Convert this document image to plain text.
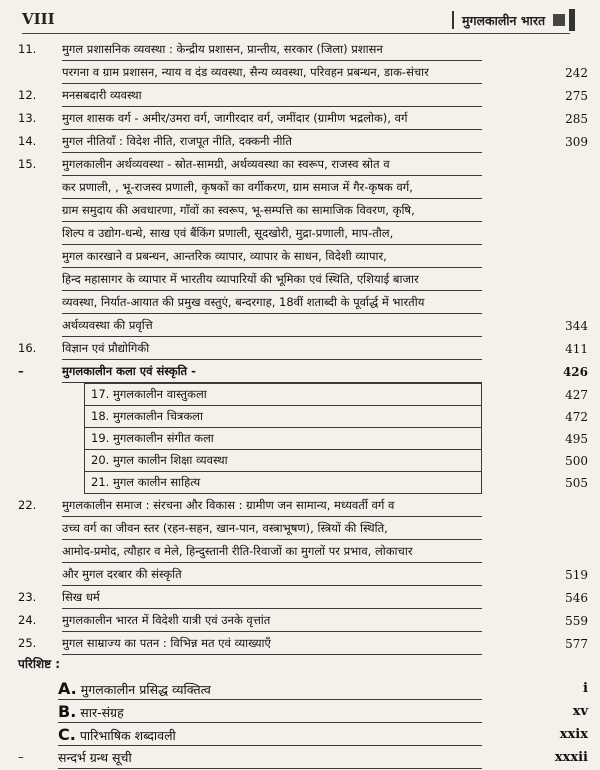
VIII	मुगलकालीन भारत
11. मुगल प्रशासनिक व्यवस्था : केन्द्रीय प्रशासन, प्रान्तीय, सरकार (जिला) प्रशासन
परगना व ग्राम प्रशासन, न्याय व दंड व्यवस्था, सैन्य व्यवस्था, परिवहन प्रबन्धन, डाक-संचार	242
12. मनसबदारी व्यवस्था	275
13. मुगल शासक वर्ग - अमीर/उमरा वर्ग, जागीरदार वर्ग, जमींदार (ग्रामीण भद्रलोक), वर्ग	285
14. मुगल नीतियाँ : विदेश नीति, राजपूत नीति, दक्कनी नीति	309
15. मुगलकालीन अर्थव्यवस्था - स्रोत-सामग्री, अर्थव्यवस्था का स्वरूप, राजस्व स्रोत व
कर प्रणाली, , भू-राजस्व प्रणाली, कृषकों का वर्गीकरण, ग्राम समाज में गैर-कृषक वर्ग,
ग्राम समुदाय की अवधारणा, गाँवों का स्वरूप, भू-सम्पत्ति का सामाजिक विवरण, कृषि,
शिल्प व उद्योग-धन्धे, साख एवं बैंकिंग प्रणाली, सूदखोरी, मुद्रा-प्रणाली, माप-तौल,
मुगल कारखाने व प्रबन्धन, आन्तरिक व्यापार, व्यापार के साधन, विदेशी व्यापार,
हिन्द महासागर के व्यापार में भारतीय व्यापारियों की भूमिका एवं स्थिति, एशियाई बाजार
व्यवस्था, निर्यात-आयात की प्रमुख वस्तुएं, बन्दरगाह, 18वीं शताब्दी के पूर्वार्द्ध में भारतीय
अर्थव्यवस्था की प्रवृत्ति	344
16. विज्ञान एवं प्रौद्योगिकी	411
–	मुगलकालीन कला एवं संस्कृति -	426
17. मुगलकालीन वास्तुकला	427
18. मुगलकालीन चित्रकला	472
19. मुगलकालीन संगीत कला	495
20. मुगल कालीन शिक्षा व्यवस्था	500
21. मुगल कालीन साहित्य	505
22. मुगलकालीन समाज : संरचना और विकास : ग्रामीण जन सामान्य, मध्यवर्ती वर्ग व
उच्च वर्ग का जीवन स्तर (रहन-सहन, खान-पान, वस्त्राभूषण), स्त्रियों की स्थिति,
आमोद-प्रमोद, त्यौहार व मेले, हिन्दुस्तानी रीति-रिवाजों का मुगलों पर प्रभाव, लोकाचार
और मुगल दरबार की संस्कृति	519
23. सिख धर्म	546
24. मुगलकालीन भारत में विदेशी यात्री एवं उनके वृत्तांत	559
25. मुगल साम्राज्य का पतन : विभिन्न मत एवं व्याख्याएँ	577
परिशिष्ट :
A. मुगलकालीन प्रसिद्ध व्यक्तित्व	i
B. सार-संग्रह	xv
C. पारिभाषिक शब्दावली	xxix
–	सन्दर्भ ग्रन्थ सूची	xxxii
